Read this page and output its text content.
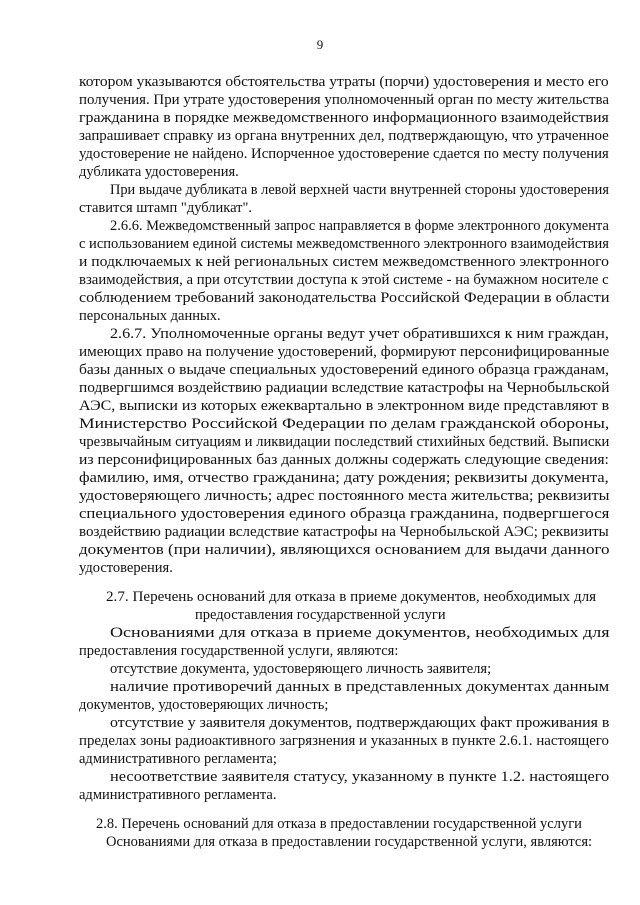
9
котором указываются обстоятельства утраты (порчи) удостоверения и место его
получения. При утрате удостоверения уполномоченный орган по месту жительства
гражданина в порядке межведомственного информационного взаимодействия
запрашивает справку из органа внутренних дел, подтверждающую, что утраченное
удостоверение не найдено. Испорченное удостоверение сдается по месту получения
дубликата удостоверения.
При выдаче дубликата в левой верхней части внутренней стороны удостоверения
ставится штамп "дубликат".
2.6.6. Межведомственный запрос направляется в форме электронного документа
с использованием единой системы межведомственного электронного взаимодействия
и подключаемых к ней региональных систем межведомственного электронного
взаимодействия, а при отсутствии доступа к этой системе - на бумажном носителе с
соблюдением требований законодательства Российской Федерации в области
персональных данных.
2.6.7. Уполномоченные органы ведут учет обратившихся к ним граждан,
имеющих право на получение удостоверений, формируют персонифицированные
базы данных о выдаче специальных удостоверений единого образца гражданам,
подвергшимся воздействию радиации вследствие катастрофы на Чернобыльской
АЭС, выписки из которых ежеквартально в электронном виде представляют в
Министерство Российской Федерации по делам гражданской обороны,
чрезвычайным ситуациям и ликвидации последствий стихийных бедствий. Выписки
из персонифицированных баз данных должны содержать следующие сведения:
фамилию, имя, отчество гражданина; дату рождения; реквизиты документа,
удостоверяющего личность; адрес постоянного места жительства; реквизиты
специального удостоверения единого образца гражданина, подвергшегося
воздействию радиации вследствие катастрофы на Чернобыльской АЭС; реквизиты
документов (при наличии), являющихся основанием для выдачи данного
удостоверения.
2.7. Перечень оснований для отказа в приеме документов, необходимых для
предоставления государственной услуги
Основаниями для отказа в приеме документов, необходимых для
предоставления государственной услуги, являются:
отсутствие документа, удостоверяющего личность заявителя;
наличие противоречий данных в представленных документах данным
документов, удостоверяющих личность;
отсутствие у заявителя документов, подтверждающих факт проживания в
пределах зоны радиоактивного загрязнения и указанных в пункте 2.6.1. настоящего
административного регламента;
несоответствие заявителя статусу, указанному в пункте 1.2. настоящего
административного регламента.
2.8. Перечень оснований для отказа в предоставлении государственной услуги
Основаниями для отказа в предоставлении государственной услуги, являются:
